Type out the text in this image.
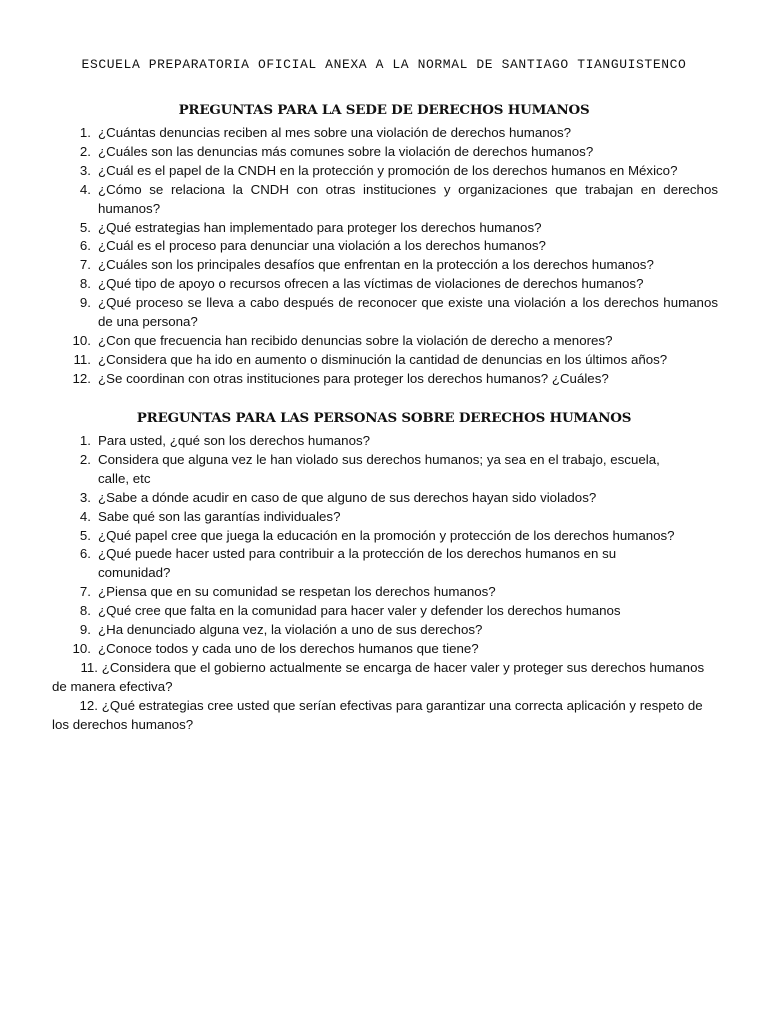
ESCUELA PREPARATORIA OFICIAL ANEXA A LA NORMAL DE SANTIAGO TIANGUISTENCO
PREGUNTAS PARA LA SEDE DE DERECHOS HUMANOS
1. ¿Cuántas denuncias reciben al mes sobre una violación de derechos humanos?
2. ¿Cuáles son las denuncias más comunes sobre la violación de derechos humanos?
3. ¿Cuál es el papel de la CNDH en la protección y promoción de los derechos humanos en México?
4. ¿Cómo se relaciona la CNDH con otras instituciones y organizaciones que trabajan en derechos humanos?
5. ¿Qué estrategias han implementado para proteger los derechos humanos?
6. ¿Cuál es el proceso para denunciar una violación a los derechos humanos?
7. ¿Cuáles son los principales desafíos que enfrentan en la protección a los derechos humanos?
8. ¿Qué tipo de apoyo o recursos ofrecen a las víctimas de violaciones de derechos humanos?
9. ¿Qué proceso se lleva a cabo después de reconocer que existe una violación a los derechos humanos de una persona?
10. ¿Con que frecuencia han recibido denuncias sobre la violación de derecho a menores?
11. ¿Considera que ha ido en aumento o disminución la cantidad de denuncias en los últimos años?
12. ¿Se coordinan con otras instituciones para proteger los derechos humanos? ¿Cuáles?
PREGUNTAS PARA LAS PERSONAS SOBRE DERECHOS HUMANOS
1. Para usted, ¿qué son los derechos humanos?
2. Considera que alguna vez le han violado sus derechos humanos; ya sea en el trabajo, escuela, calle, etc
3. ¿Sabe a dónde acudir en caso de que alguno de sus derechos hayan sido violados?
4. Sabe qué son las garantías individuales?
5. ¿Qué papel cree que juega la educación en la promoción y protección de los derechos humanos?
6. ¿Qué puede hacer usted para contribuir a la protección de los derechos humanos en su comunidad?
7. ¿Piensa que en su comunidad se respetan los derechos humanos?
8. ¿Qué cree que falta en la comunidad para hacer valer y defender los derechos humanos
9. ¿Ha denunciado alguna vez, la violación a uno de sus derechos?
10. ¿Conoce todos y cada uno de los derechos humanos que tiene?
11. ¿Considera que el gobierno actualmente se encarga de hacer valer y proteger sus derechos humanos de manera efectiva?
12. ¿Qué estrategias cree usted que serían efectivas para garantizar una correcta aplicación y respeto de los derechos humanos?
